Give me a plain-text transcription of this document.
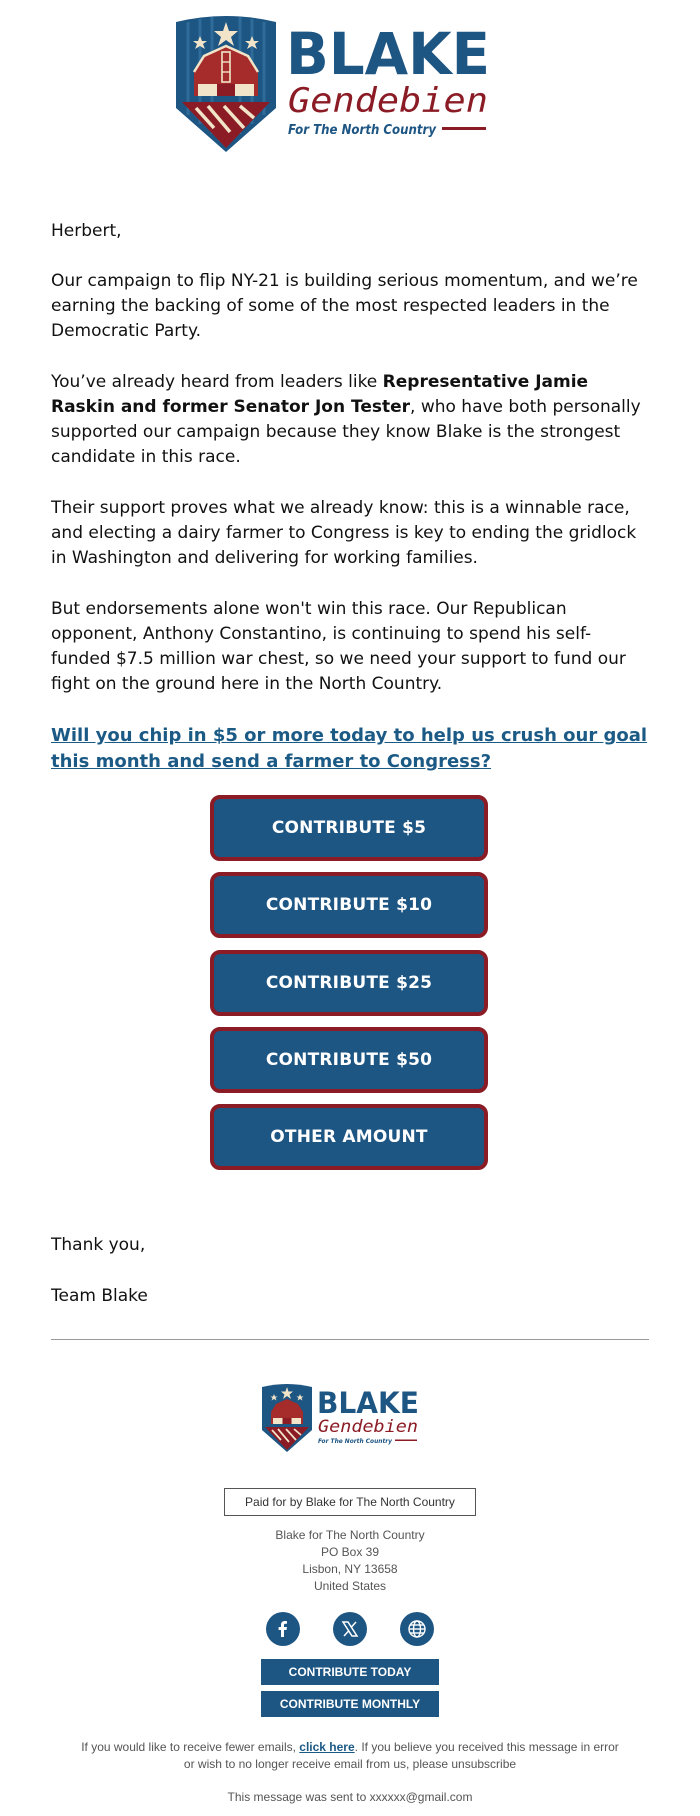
BLAKE
Gendebien
For The North Country

Herbert,

Our campaign to flip NY-21 is building serious momentum, and we’re earning the backing of some of the most respected leaders in the Democratic Party.

You’ve already heard from leaders like Representative Jamie Raskin and former Senator Jon Tester, who have both personally supported our campaign because they know Blake is the strongest candidate in this race.

Their support proves what we already know: this is a winnable race, and electing a dairy farmer to Congress is key to ending the gridlock in Washington and delivering for working families.

But endorsements alone won't win this race. Our Republican opponent, Anthony Constantino, is continuing to spend his self-funded $7.5 million war chest, so we need your support to fund our fight on the ground here in the North Country.

Will you chip in $5 or more today to help us crush our goal this month and send a farmer to Congress?

CONTRIBUTE $5
CONTRIBUTE $10
CONTRIBUTE $25
CONTRIBUTE $50
OTHER AMOUNT

Thank you,

Team Blake

BLAKE
Gendebien
For The North Country
Paid for by Blake for The North Country
Blake for The North Country
PO Box 39
Lisbon, NY 13658
United States
CONTRIBUTE TODAY
CONTRIBUTE MONTHLY
If you would like to receive fewer emails, click here. If you believe you received this message in error or wish to no longer receive email from us, please unsubscribe
This message was sent to xxxxxx@gmail.com
